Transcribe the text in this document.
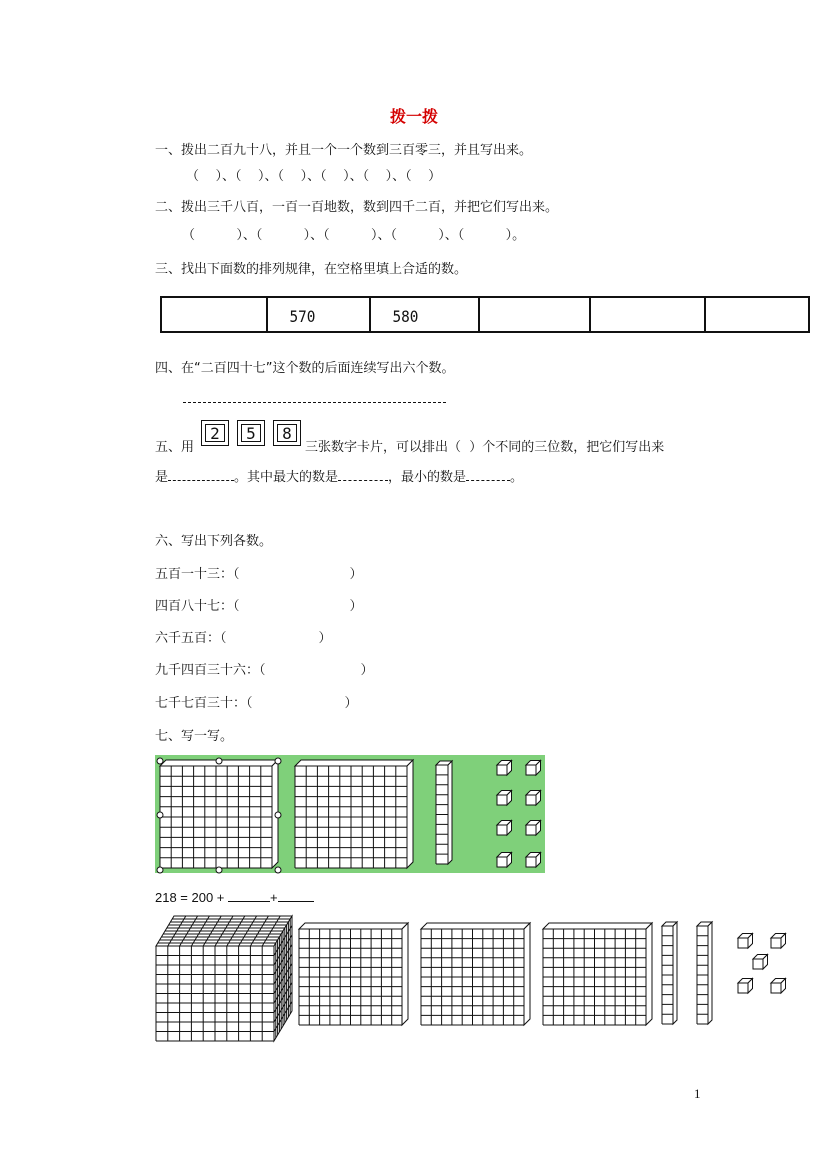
拨一拨
一、拨出二百九十八，并且一个一个数到三百零三，并且写出来。
（    ）、（    ）、（    ）、（    ）、（    ）、（    ）
二、拨出三千八百，一百一百地数，数到四千二百，并把它们写出来。
（          ）、（          ）、（          ）、（          ）、（          ）。
三、找出下面数的排列规律，在空格里填上合适的数。
	570	580			
四、在“二百四十七”这个数的后面连续写出六个数。
五、用
2	5	8
三张数字卡片，可以排出（  ）个不同的三位数，把它们写出来
是	。其中最大的数是	，最小的数是	。
六、写出下列各数。
五百一十三：（	）
四百八十七：（	）
六千五百：（	）
九千四百三十六：（	）
七千七百三十：（	）
七、写一写。
218 = 200 +	+
1
